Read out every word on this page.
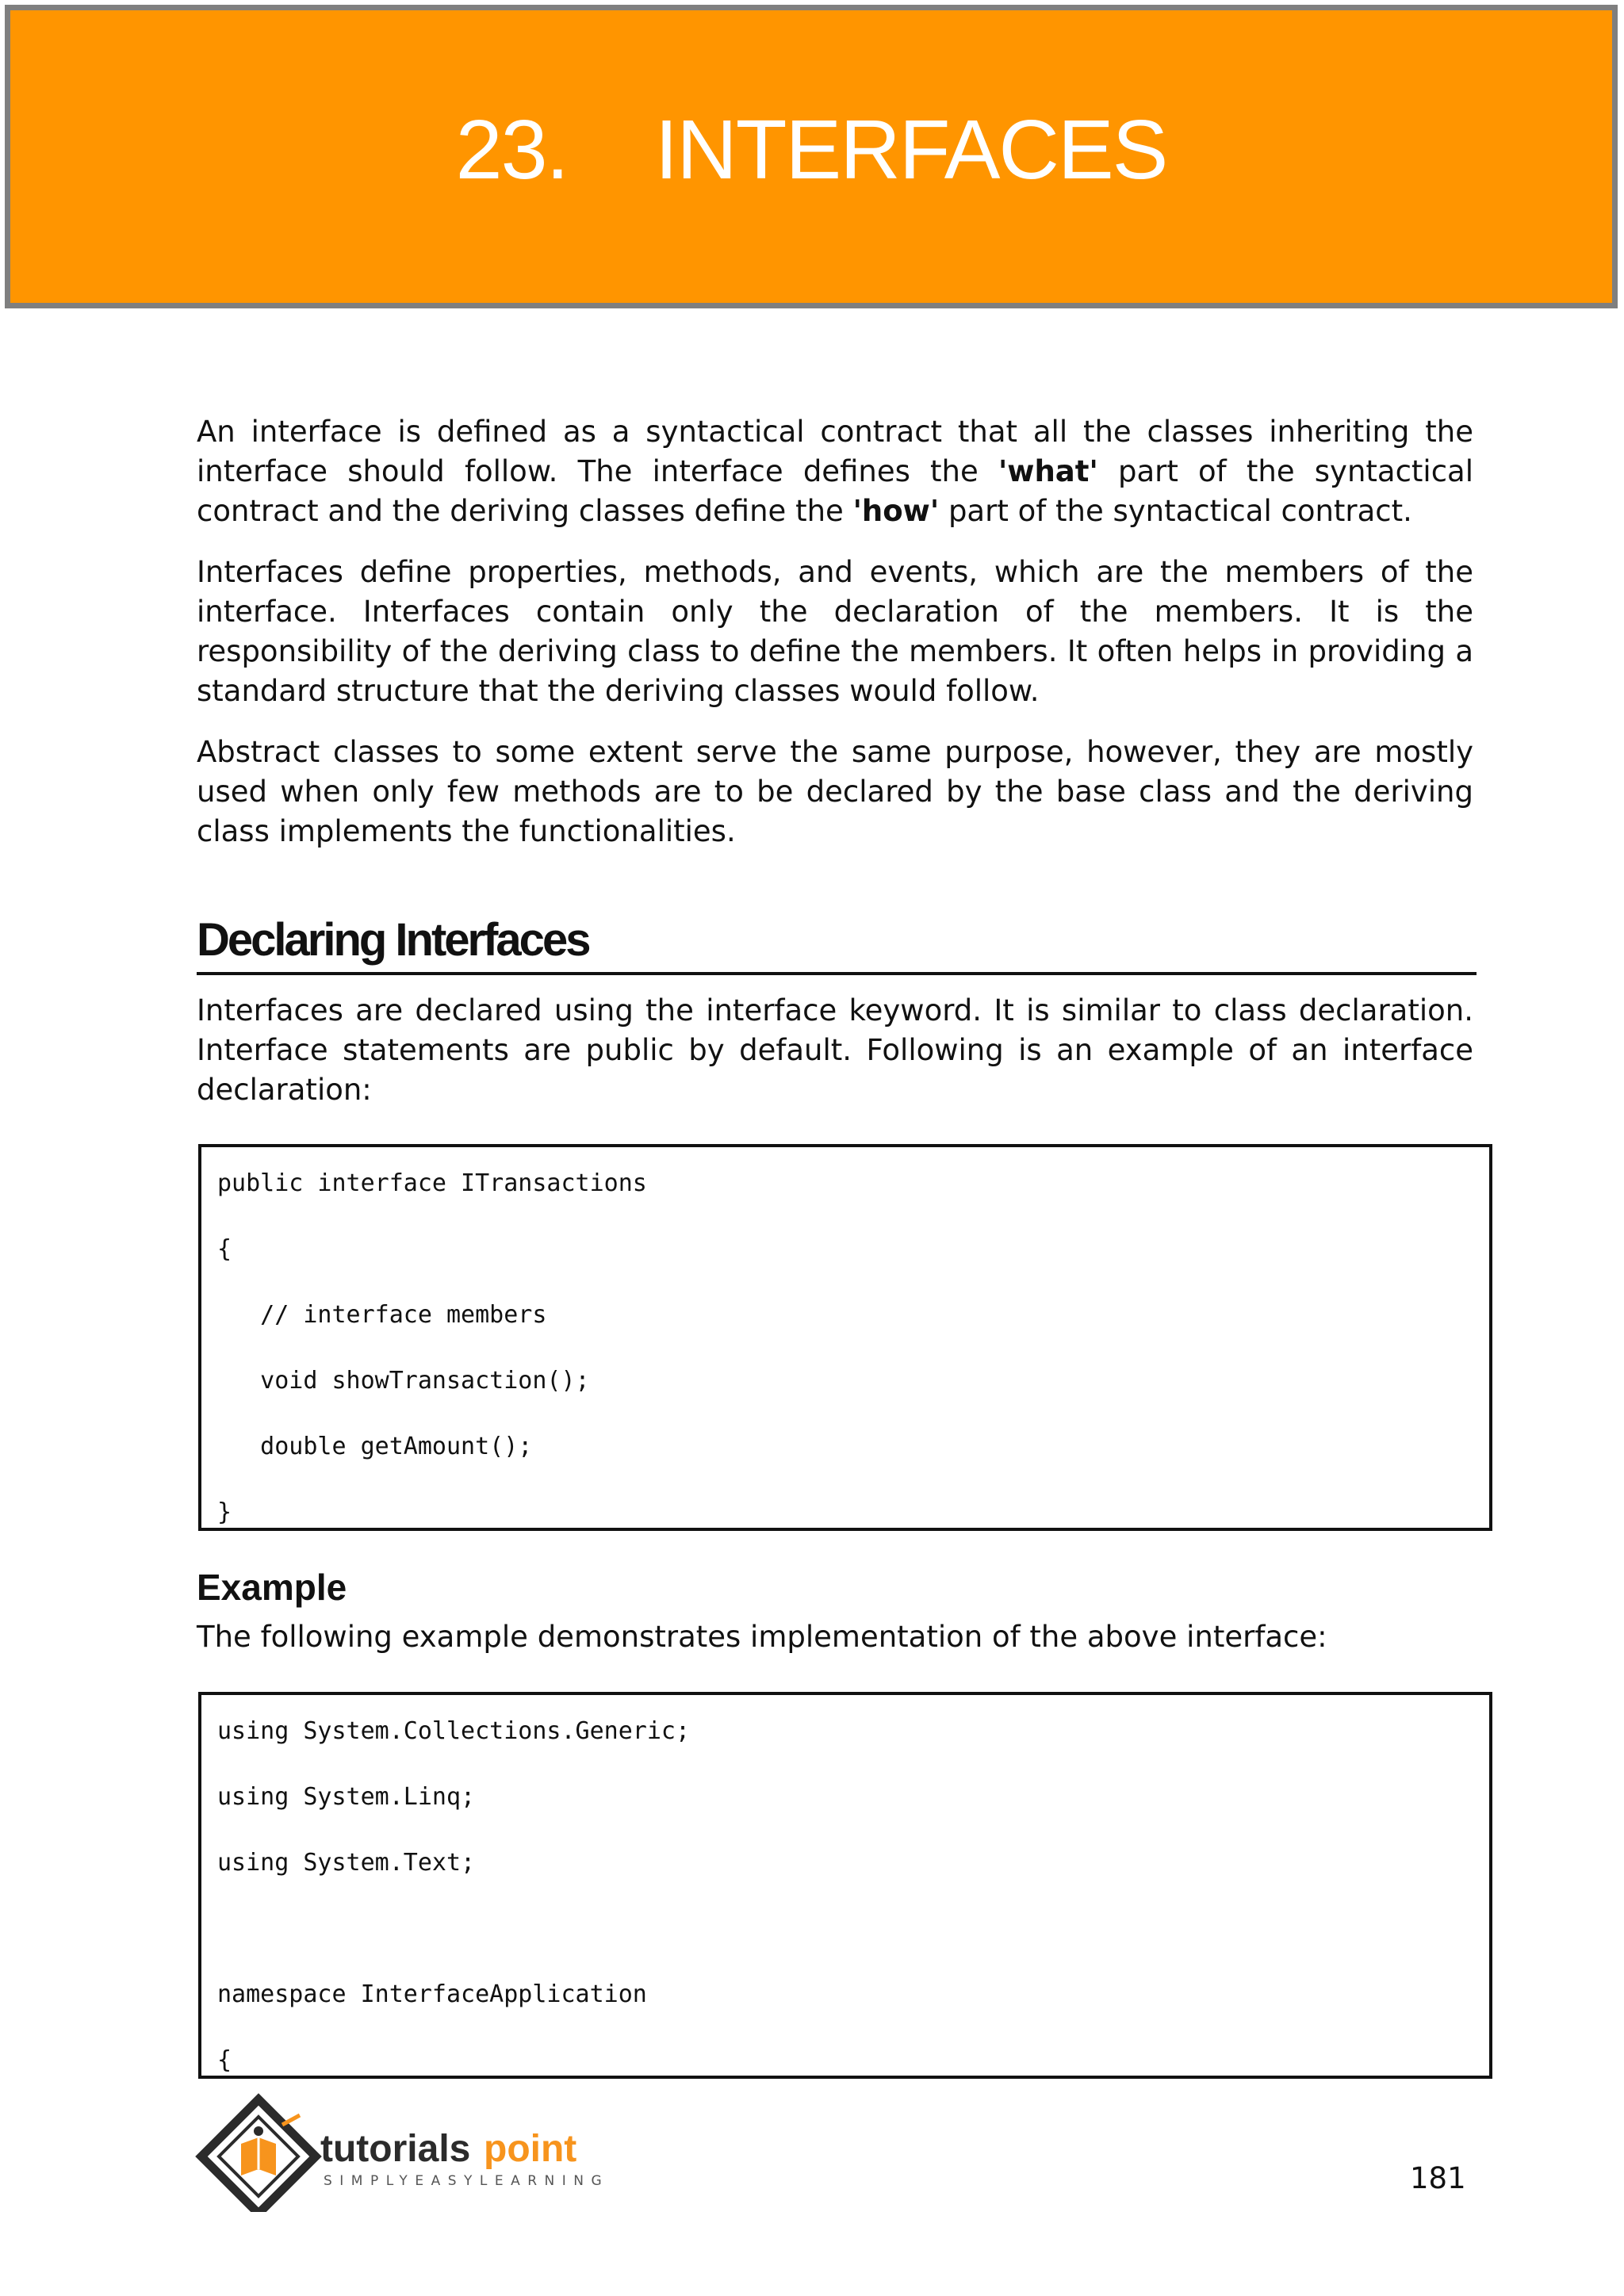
23. INTERFACES

An interface is defined as a syntactical contract that all the classes inheriting the interface should follow. The interface defines the 'what' part of the syntactical contract and the deriving classes define the 'how' part of the syntactical contract.

Interfaces define properties, methods, and events, which are the members of the interface. Interfaces contain only the declaration of the members. It is the responsibility of the deriving class to define the members. It often helps in providing a standard structure that the deriving classes would follow.

Abstract classes to some extent serve the same purpose, however, they are mostly used when only few methods are to be declared by the base class and the deriving class implements the functionalities.

Declaring Interfaces

Interfaces are declared using the interface keyword. It is similar to class declaration. Interface statements are public by default. Following is an example of an interface declaration:

public interface ITransactions
{
// interface members
void showTransaction();
double getAmount();
}
Example

The following example demonstrates implementation of the above interface:

using System.Collections.Generic;
using System.Linq;
using System.Text;
namespace InterfaceApplication
{
tutorials point
SIMPLYEASYLEARNING	181
